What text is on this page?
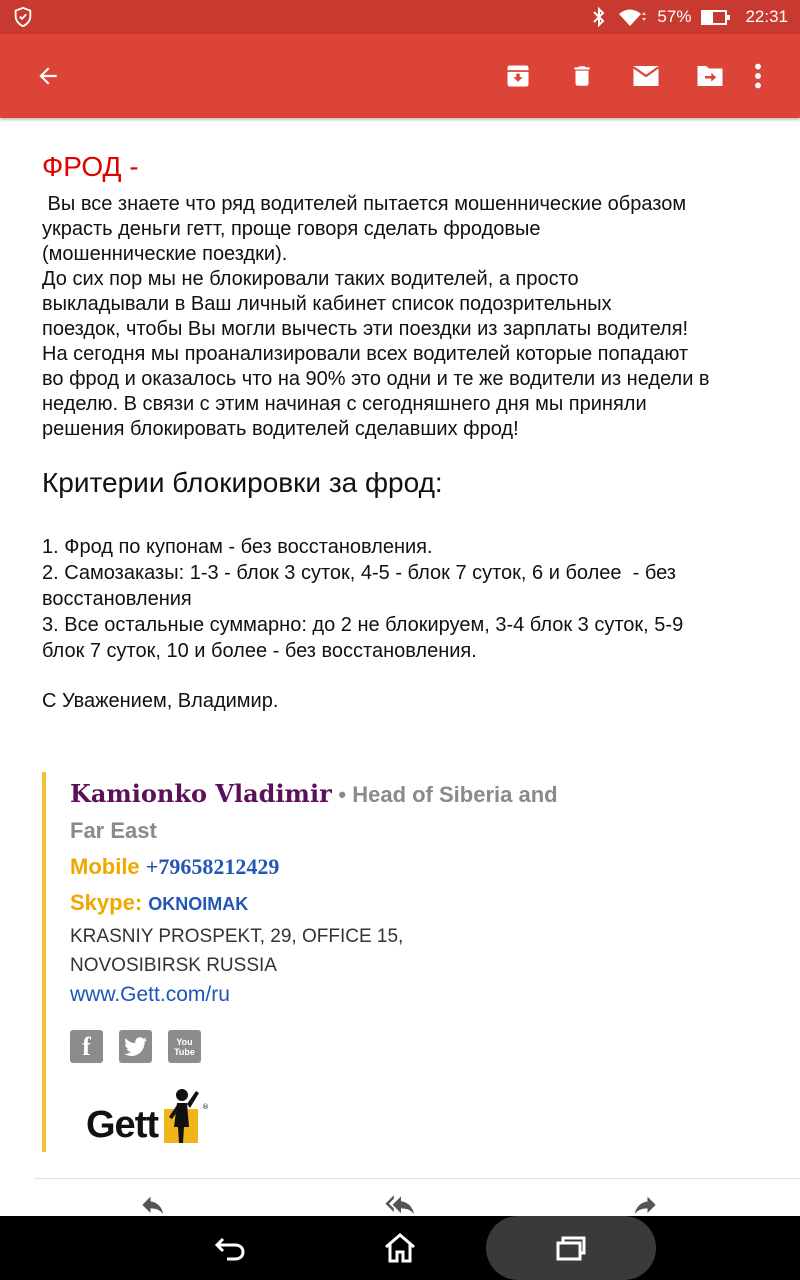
57%	22:31
ФРОД -

Вы все знаете что ряд водителей пытается мошеннические образом

украсть деньги гетт, проще говоря сделать фродовые

(мошеннические поездки).

До сих пор мы не блокировали таких водителей, а просто

выкладывали в Ваш личный кабинет список подозрительных

поездок, чтобы Вы могли вычесть эти поездки из зарплаты водителя!

На сегодня мы проанализировали всех водителей которые попадают

во фрод и оказалось что на 90% это одни и те же водители из недели в

неделю. В связи с этим начиная с сегодняшнего дня мы приняли

решения блокировать водителей сделавших фрод!

Критерии блокировки за фрод:
1. Фрод по купонам - без восстановления.
2. Самозаказы: 1-3 - блок 3 суток, 4-5 - блок 7 суток, 6 и более  - без
восстановления
3. Все остальные суммарно: до 2 не блокируем, 3-4 блок 3 суток, 5-9
блок 7 суток, 10 и более - без восстановления.
С Уважением, Владимир.
Kamionko Vladimir • Head of Siberia and
Far East
Mobile +79658212429
Skype: OKNOIMAK
KRASNIY PROSPEKT, 29, OFFICE 15,
NOVOSIBIRSK RUSSIA
www.Gett.com/ru
f	You Tube
Gett	®
